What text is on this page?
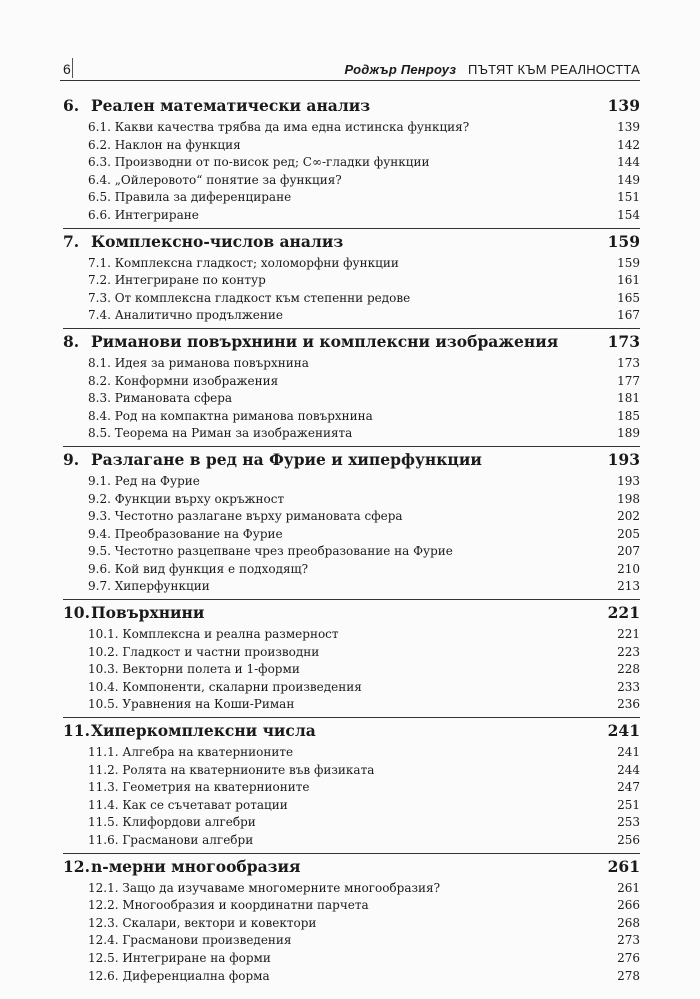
6	Роджър Пенроуз ПЪТЯТ КЪМ РЕАЛНОСТТА
6. Реален математически анализ	139
6.1. Какви качества трябва да има една истинска функция?	139
6.2. Наклон на функция	142
6.3. Производни от по-висок ред; C∞-гладки функции	144
6.4. „Ойлеровото“ понятие за функция?	149
6.5. Правила за диференциране	151
6.6. Интегриране	154
7. Комплексно-числов анализ	159
7.1. Комплексна гладкост; холоморфни функции	159
7.2. Интегриране по контур	161
7.3. От комплексна гладкост към степенни редове	165
7.4. Аналитично продължение	167
8. Риманови повърхнини и комплексни изображения	173
8.1. Идея за риманова повърхнина	173
8.2. Конформни изображения	177
8.3. Римановата сфера	181
8.4. Род на компактна риманова повърхнина	185
8.5. Теорема на Риман за изображенията	189
9. Разлагане в ред на Фурие и хиперфункции	193
9.1. Ред на Фурие	193
9.2. Функции върху окръжност	198
9.3. Честотно разлагане върху римановата сфера	202
9.4. Преобразование на Фурие	205
9.5. Честотно разцепване чрез преобразование на Фурие	207
9.6. Кой вид функция е подходящ?	210
9.7. Хиперфункции	213
10. Повърхнини	221
10.1. Комплексна и реална размерност	221
10.2. Гладкост и частни производни	223
10.3. Векторни полета и 1-форми	228
10.4. Компоненти, скаларни произведения	233
10.5. Уравнения на Коши-Риман	236
11. Хиперкомплексни числа	241
11.1. Алгебра на кватернионите	241
11.2. Ролята на кватернионите във физиката	244
11.3. Геометрия на кватернионите	247
11.4. Как се съчетават ротации	251
11.5. Клифордови алгебри	253
11.6. Грасманови алгебри	256
12. n-мерни многообразия	261
12.1. Защо да изучаваме многомерните многообразия?	261
12.2. Многообразия и координатни парчета	266
12.3. Скалари, вектори и ковектори	268
12.4. Грасманови произведения	273
12.5. Интегриране на форми	276
12.6. Диференциална форма	278
